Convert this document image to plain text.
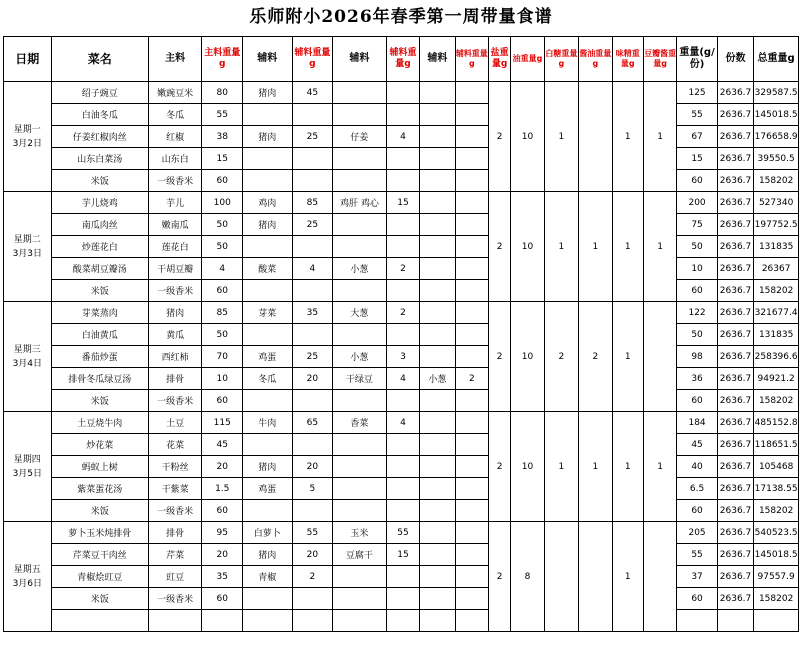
乐师附小2026年春季第一周带量食谱
日期	菜名	主料	主料重量g	辅料	辅料重量g	辅料	辅料重量g	辅料	辅料重量g	盐重量g	油重量g	白糖重量g	酱油重量g	味精重量g	豆瓣酱重量g	重量(g/份)	份数	总重量g

星期一
3月2日	绍子豌豆	嫩豌豆米	80	猪肉	45					2	10	1		1	1	125	2636.7	329587.5
	白油冬瓜	冬瓜	55													55	2636.7	145018.5
	仔姜红椒肉丝	红椒	38	猪肉	25	仔姜	4									67	2636.7	176658.9
	山东白菜汤	山东白	15													15	2636.7	39550.5
	米饭	一级香米	60													60	2636.7	158202

星期二
3月3日	芋儿烧鸡	芋儿	100	鸡肉	85	鸡肝 鸡心	15			2	10	1	1	1	1	200	2636.7	527340
	南瓜肉丝	嫩南瓜	50	猪肉	25											75	2636.7	197752.5
	炒莲花白	莲花白	50													50	2636.7	131835
	酸菜胡豆瓣汤	干胡豆瓣	4	酸菜	4	小葱	2									10	2636.7	26367
	米饭	一级香米	60													60	2636.7	158202

星期三
3月4日	芽菜蒸肉	猪肉	85	芽菜	35	大葱	2			2	10	2	2	1		122	2636.7	321677.4
	白油黄瓜	黄瓜	50													50	2636.7	131835
	番茄炒蛋	西红柿	70	鸡蛋	25	小葱	3									98	2636.7	258396.6
	排骨冬瓜绿豆汤	排骨	10	冬瓜	20	干绿豆	4	小葱	2							36	2636.7	94921.2
	米饭	一级香米	60													60	2636.7	158202

星期四
3月5日	土豆烧牛肉	土豆	115	牛肉	65	香菜	4			2	10	1	1	1	1	184	2636.7	485152.8
	炒花菜	花菜	45													45	2636.7	118651.5
	蚂蚁上树	干粉丝	20	猪肉	20											40	2636.7	105468
	紫菜蛋花汤	干紫菜	1.5	鸡蛋	5											6.5	2636.7	17138.55
	米饭	一级香米	60													60	2636.7	158202

星期五
3月6日	萝卜玉米炖排骨	排骨	95	白萝卜	55	玉米	55			2	8			1		205	2636.7	540523.5
	芹菜豆干肉丝	芹菜	20	猪肉	20	豆腐干	15									55	2636.7	145018.5
	青椒烩豇豆	豇豆	35	青椒	2											37	2636.7	97557.9
	米饭	一级香米	60													60	2636.7	158202
